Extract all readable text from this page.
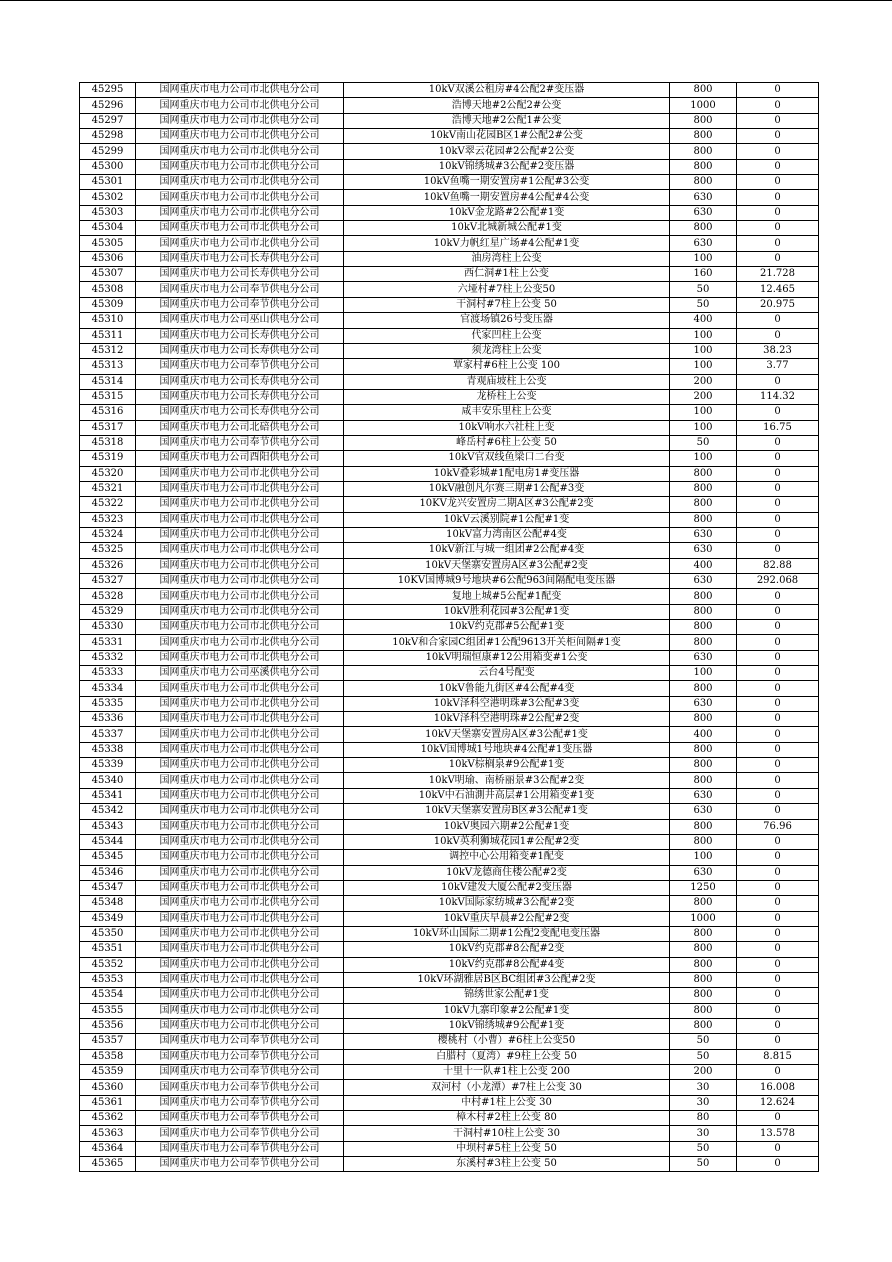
45295	国网重庆市电力公司市北供电分公司	10kV双溪公租房#4公配2#变压器	800	0
45296	国网重庆市电力公司市北供电分公司	浩博天地#2公配2#公变	1000	0
45297	国网重庆市电力公司市北供电分公司	浩博天地#2公配1#公变	800	0
45298	国网重庆市电力公司市北供电分公司	10kV南山花园B区1#公配2#公变	800	0
45299	国网重庆市电力公司市北供电分公司	10kV翠云花园#2公配#2公变	800	0
45300	国网重庆市电力公司市北供电分公司	10kV锦绣城#3公配#2变压器	800	0
45301	国网重庆市电力公司市北供电分公司	10kV鱼嘴一期安置房#1公配#3公变	800	0
45302	国网重庆市电力公司市北供电分公司	10kV鱼嘴一期安置房#4公配#4公变	630	0
45303	国网重庆市电力公司市北供电分公司	10kV金龙路#2公配#1变	630	0
45304	国网重庆市电力公司市北供电分公司	10kV北城新城公配#1变	800	0
45305	国网重庆市电力公司市北供电分公司	10kV力帆红星广场#4公配#1变	630	0
45306	国网重庆市电力公司长寿供电分公司	油房湾柱上公变	100	0
45307	国网重庆市电力公司长寿供电分公司	西仁洞#1柱上公变	160	21.728
45308	国网重庆市电力公司奉节供电分公司	六垭村#7柱上公变50	50	12.465
45309	国网重庆市电力公司奉节供电分公司	干洞村#7柱上公变 50	50	20.975
45310	国网重庆市电力公司巫山供电分公司	官渡场镇26号变压器	400	0
45311	国网重庆市电力公司长寿供电分公司	代家凹柱上公变	100	0
45312	国网重庆市电力公司长寿供电分公司	须龙湾柱上公变	100	38.23
45313	国网重庆市电力公司奉节供电分公司	覃家村#6柱上公变 100	100	3.77
45314	国网重庆市电力公司长寿供电分公司	青观庙坡柱上公变	200	0
45315	国网重庆市电力公司长寿供电分公司	龙桥柱上公变	200	114.32
45316	国网重庆市电力公司长寿供电分公司	咸丰安乐里柱上公变	100	0
45317	国网重庆市电力公司北碚供电分公司	10kV响水六社柱上变	100	16.75
45318	国网重庆市电力公司奉节供电分公司	峰岳村#6柱上公变 50	50	0
45319	国网重庆市电力公司酉阳供电分公司	10kV官双线鱼梁口二台变	100	0
45320	国网重庆市电力公司市北供电分公司	10kV叠彩城#1配电房1#变压器	800	0
45321	国网重庆市电力公司市北供电分公司	10kV融创凡尔赛三期#1公配#3变	800	0
45322	国网重庆市电力公司市北供电分公司	10KV龙兴安置房二期A区#3公配#2变	800	0
45323	国网重庆市电力公司市北供电分公司	10kV云溪别院#1公配#1变	800	0
45324	国网重庆市电力公司市北供电分公司	10kV富力湾南区公配#4变	630	0
45325	国网重庆市电力公司市北供电分公司	10kV新江与城一组团#2公配#4变	630	0
45326	国网重庆市电力公司市北供电分公司	10kV天堡寨安置房A区#3公配#2变	400	82.88
45327	国网重庆市电力公司市北供电分公司	10KV国博城9号地块#6公配963间隔配电变压器	630	292.068
45328	国网重庆市电力公司市北供电分公司	复地上城#5公配#1配变	800	0
45329	国网重庆市电力公司市北供电分公司	10kV胜利花园#3公配#1变	800	0
45330	国网重庆市电力公司市北供电分公司	10kV约克郡#5公配#1变	800	0
45331	国网重庆市电力公司市北供电分公司	10kV和合家园C组团#1公配9613开关柜间隔#1变	800	0
45332	国网重庆市电力公司市北供电分公司	10kV明瑞恒康#12公用箱变#1公变	630	0
45333	国网重庆市电力公司巫溪供电分公司	云台4号配变	100	0
45334	国网重庆市电力公司市北供电分公司	10kV鲁能九街区#4公配#4变	800	0
45335	国网重庆市电力公司市北供电分公司	10kV泽科空港明珠#3公配#3变	630	0
45336	国网重庆市电力公司市北供电分公司	10kV泽科空港明珠#2公配#2变	800	0
45337	国网重庆市电力公司市北供电分公司	10kV天堡寨安置房A区#3公配#1变	400	0
45338	国网重庆市电力公司市北供电分公司	10kV国博城1号地块#4公配#1变压器	800	0
45339	国网重庆市电力公司市北供电分公司	10kV棕榈泉#9公配#1变	800	0
45340	国网重庆市电力公司市北供电分公司	10kV明瑜、南桥丽景#3公配#2变	800	0
45341	国网重庆市电力公司市北供电分公司	10kV中石油測井高层#1公用箱变#1变	630	0
45342	国网重庆市电力公司市北供电分公司	10kV天堡寨安置房B区#3公配#1变	630	0
45343	国网重庆市电力公司市北供电分公司	10kV奥园六期#2公配#1变	800	76.96
45344	国网重庆市电力公司市北供电分公司	10kV英利狮城花园1#公配#2变	800	0
45345	国网重庆市电力公司市北供电分公司	调控中心公用箱变#1配变	100	0
45346	国网重庆市电力公司市北供电分公司	10kV龙德商住楼公配#2变	630	0
45347	国网重庆市电力公司市北供电分公司	10kV建发大厦公配#2变压器	1250	0
45348	国网重庆市电力公司市北供电分公司	10kV国际家纺城#3公配#2变	800	0
45349	国网重庆市电力公司市北供电分公司	10kV重庆早晨#2公配#2变	1000	0
45350	国网重庆市电力公司市北供电分公司	10kV环山国际二期#1公配2变配电变压器	800	0
45351	国网重庆市电力公司市北供电分公司	10kV约克郡#8公配#2变	800	0
45352	国网重庆市电力公司市北供电分公司	10kV约克郡#8公配#4变	800	0
45353	国网重庆市电力公司市北供电分公司	10kV环湖雅居B区BC组团#3公配#2变	800	0
45354	国网重庆市电力公司市北供电分公司	锦绣世家公配#1变	800	0
45355	国网重庆市电力公司市北供电分公司	10kV九寨印象#2公配#1变	800	0
45356	国网重庆市电力公司市北供电分公司	10kV锦绣城#9公配#1变	800	0
45357	国网重庆市电力公司奉节供电分公司	樱桃村（小曹）#6柱上公变50	50	0
45358	国网重庆市电力公司奉节供电分公司	白腊村（夏湾）#9柱上公变 50	50	8.815
45359	国网重庆市电力公司奉节供电分公司	十里十一队#1柱上公变 200	200	0
45360	国网重庆市电力公司奉节供电分公司	双河村（小龙潭）#7柱上公变 30	30	16.008
45361	国网重庆市电力公司奉节供电分公司	中村#1柱上公变 30	30	12.624
45362	国网重庆市电力公司奉节供电分公司	樟木村#2柱上公变 80	80	0
45363	国网重庆市电力公司奉节供电分公司	干洞村#10柱上公变 30	30	13.578
45364	国网重庆市电力公司奉节供电分公司	中坝村#5柱上公变 50	50	0
45365	国网重庆市电力公司奉节供电分公司	东溪村#3柱上公变 50	50	0
